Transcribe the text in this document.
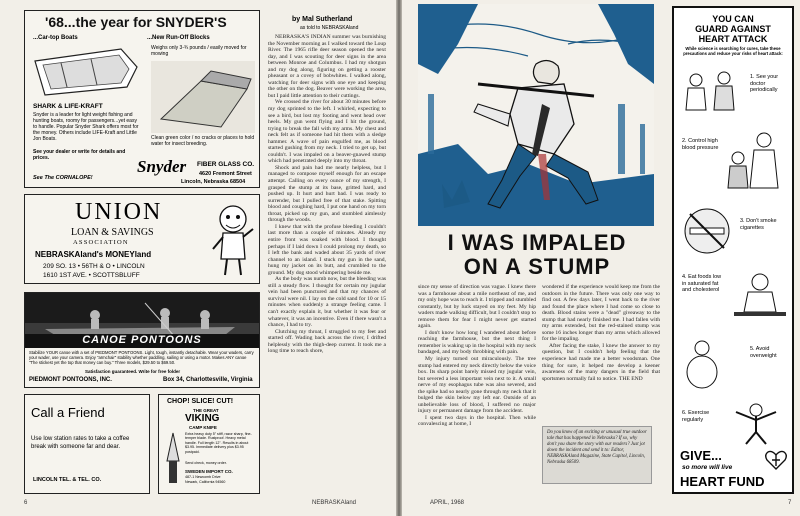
'68...the year for SNYDER'S
...Car-top Boats
SHARK & LIFE-KRAFT
Snyder is a leader for light weight fishing and hunting boats, roomy for passengers...yet easy to handle. Popular Snyder Shark offers most for the money. Others include LIFE-Kraft and Little Jon Boats.
See your dealer or write for details and prices.
See The CORNALOPE!
...New Run-Off Blocks
Weighs only 3-¾ pounds / easily moved for mowing
Clean green color / no cracks or places to hold water for insect breeding.
Snyder FIBER GLASS CO.
4620 Fremont Street
Lincoln, Nebraska 68504
UNION
LOAN & SAVINGS
ASSOCIATION
NEBRASKAland's MONEYland
209 SO. 13 • 56TH & O • LINCOLN
1610 1ST AVE. • SCOTTSBLUFF
CANOE PONTOONS
Stabilize YOUR canoe with a set of PIEDMONT PONTOONS. Light, tough, instantly detachable. Wear your waders, carry your wader, use your camera. Enjoy "armchair" stability whether paddling, sailing or using a motor. Makes ANY canoe "The stickest yet the top that money can buy." Three models, $29.50 to $69.50.
Satisfaction guaranteed. Write for free folder
PIEDMONT PONTOONS, INC.	Box 34, Charlottesville, Virginia
Call a Friend
Use low station rates to take a coffee break with someone far and dear.
LINCOLN TEL. & TEL. CO.
CHOP! SLICE! CUT!
THE GREAT
VIKING
CAMP KNIFE
Extra heavy duty 5" stiff, razor sharp, fine-temper blade. Rustproof. Heavy metal handle. Full length 12". Results in about $3.95. Immediate delivery plus $3.95 postpaid.
Send check, money order.
SWEDEN IMPORT CO.
487-1 Newcomb Drive
Newark, California 94560
by Mal Sutherland
as told to NEBRASKAland

NEBRASKA'S INDIAN summer was burnishing the November morning as I walked toward the Loup River. The 1965 rifle deer season opened the next day, and I was scouting for deer signs in the area between Monroe and Columbus. I had my shotgun and my dog along, figuring on getting a rooster pheasant or a covey of bobwhites. I walked along, watching for deer signs with one eye and keeping the other on the dog. Beaver were working the area, but I paid little attention to their cuttings.

We crossed the river for about 30 minutes before my dog sprinted to the left. I whirled, expecting to see a bird, but lost my footing and went head over heels. My gun went flying and I hit the ground, trying to break the fall with my arms. My chest and neck felt as if someone had hit them with a sledge hammer. A wave of pain engulfed me, as blood started gushing from my neck. I tried to get up, but couldn't. I was impaled on a beaver-gnawed stump which had penetrated deeply into my throat.

Shock and pain had me nearly helpless, but I managed to compose myself enough for an escape attempt. Calling on every ounce of my strength, I grasped the stump at its base, gritted hard, and pushed up. It hurt and hurt bad. I was ready to surrender, but I pulled free of that stake. Spitting blood and coughing hard, I put one hand on my torn throat, picked up my gun, and stumbled aimlessly through the woods.

I knew that with the profuse bleeding I couldn't last more than a couple of minutes. Already my entire front was soaked with blood. I thought perhaps if I laid down I could prolong my death, so I left the bank and waded about 35 yards of river channel to an island. I stuck my gun in the sand, hung my jacket on its butt, and crumbled to the ground. My dog stood whimpering beside me.

As the body was numb now, but the bleeding was still a steady flow. I thought for certain my jugular vein had been punctured and that my chances of survival were nil. I lay on the cold sand for 10 or 15 minutes when suddenly a strange feeling came. I can't exactly explain it, but whether it was fear or whatever, it was an incentive. Even if there wasn't a chance, I had to try.

Clutching my throat, I struggled to my feet and started off. Wading back across the river, I drifted helplessly with the thigh-deep current. It took me a long time to reach shore,

6	NEBRASKAland
I WAS IMPALED
ON A STUMP

since my sense of direction was vague. I knew there was a farmhouse about a mile northeast of me, and my only hope was to reach it. I tripped and stumbled constantly, but by luck stayed on my feet. My hip waders made walking difficult, but I couldn't stop to remove them for fear I might never get started again.

I don't know how long I wandered about before reaching the farmhouse, but the next thing I remember is waking up in the hospital with my neck bandaged, and my body throbbing with pain.

My injury turned out miraculously. The tree stump had entered my neck directly below the voice box. Its sharp point barely missed my jugular vein, but severed a less important vein next to it. A small nerve of my esophagus tube was also severed, and the spike had so nearly gone through my neck that it bulged the skin below my left ear. Outside of an unbelievable loss of blood, I suffered no major injury or permanent damage from the accident.

I spent two days in the hospital. Then while convalescing at home, I

wondered if the experience would keep me from the outdoors in the future. There was only one way to find out. A few days later, I went back to the river and found the place where I had come so close to death. Blood stains were a "dead" giveaway to the stump that had nearly finished me. I had fallen with my arms extended, but the red-stained stump was some 16 inches longer than my arms which allowed for the impaling.

After facing the stake, I knew the answer to my question, but I couldn't help feeling that the experience had made me a better woodsman. One thing for sure, it helped me develop a keener awareness of the many dangers in the field that sportsmen normally fail to notice. THE END

Do you know of an exciting or unusual true outdoor tale that has happened in Nebraska? If so, why don't you share the story with our readers? Just jot down the incident and send it to: Editor, NEBRASKAland Magazine, State Capitol, Lincoln, Nebraska 68509.
YOU CAN
GUARD AGAINST
HEART ATTACK
While science is searching for cures, take these precautions and reduce your risks of heart attack:
1. See your doctor periodically
2. Control high blood pressure
3. Don't smoke cigarettes
4. Eat foods low in saturated fat and cholesterol
5. Avoid overweight
6. Exercise regularly
GIVE...
so more will live
HEART FUND
APRIL, 1968	7
